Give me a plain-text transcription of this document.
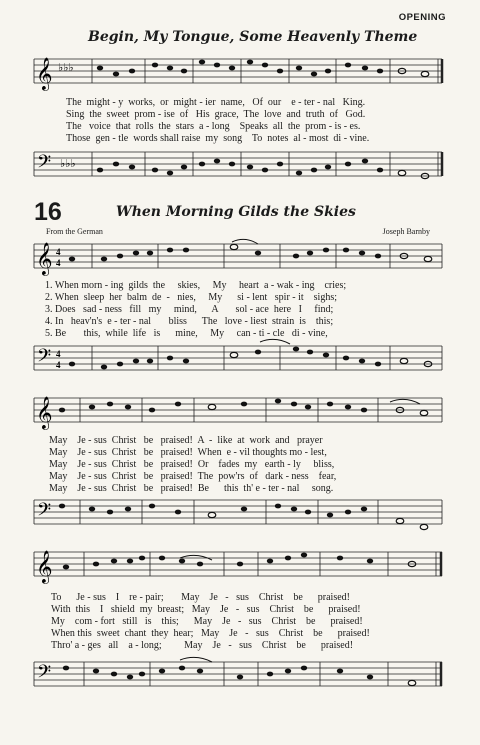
OPENING
Begin, My Tongue, Some Heavenly Theme
𝄞 ♭♭♭
The  might - y  works,  or  might - ier  name,   Of  our    e - ter - nal   King.
Sing  the  sweet  prom - ise  of   His  grace,  The  love  and  truth  of   God.
The   voice  that  rolls  the  stars  a - long    Speaks  all  the  prom - is - es.
Those  gen - tle  words shall raise  my  song    To  notes  al - most  di - vine.
𝄢 ♭♭♭
16	When Morning Gilds the Skies
From the German	Joseph Barnby
𝄞 4
4
1. When morn - ing  gilds  the     skies,     My     heart  a - wak - ing    cries;
2. When  sleep  her  balm  de  -   nies,     My      si - lent   spir - it    sighs;
3. Does   sad - ness   fill   my     mind,      A       sol - ace  here   I     find;
4. In   heav'n's  e - ter - nal       bliss      The   love - liest  strain  is    this;
5. Be       this,  while  life   is      mine,     My     can - ti - cle   di - vine,
𝄢 4
4
𝄞
May    Je - sus  Christ   be   praised!  A  -  like  at  work  and   prayer
May    Je - sus  Christ   be   praised!  When  e - vil thoughts mo - lest,
May    Je - sus  Christ   be   praised!  Or    fades  my   earth - ly     bliss,
May    Je - sus  Christ   be   praised!  The  pow'rs  of   dark - ness    fear,
May    Je - sus  Christ   be   praised!  Be      this  th' e - ter - nal     song.
𝄢
𝄞
To      Je - sus    I    re - pair;       May    Je   -   sus    Christ    be      praised!
With  this    I   shield  my  breast;   May    Je   -   sus    Christ    be      praised!
My    com - fort   still   is    this;      May    Je   -   sus    Christ    be      praised!
When this  sweet  chant  they  hear;   May    Je   -   sus    Christ    be      praised!
Thro' a - ges   all    a - long;         May    Je   -   sus    Christ    be      praised!
𝄢
